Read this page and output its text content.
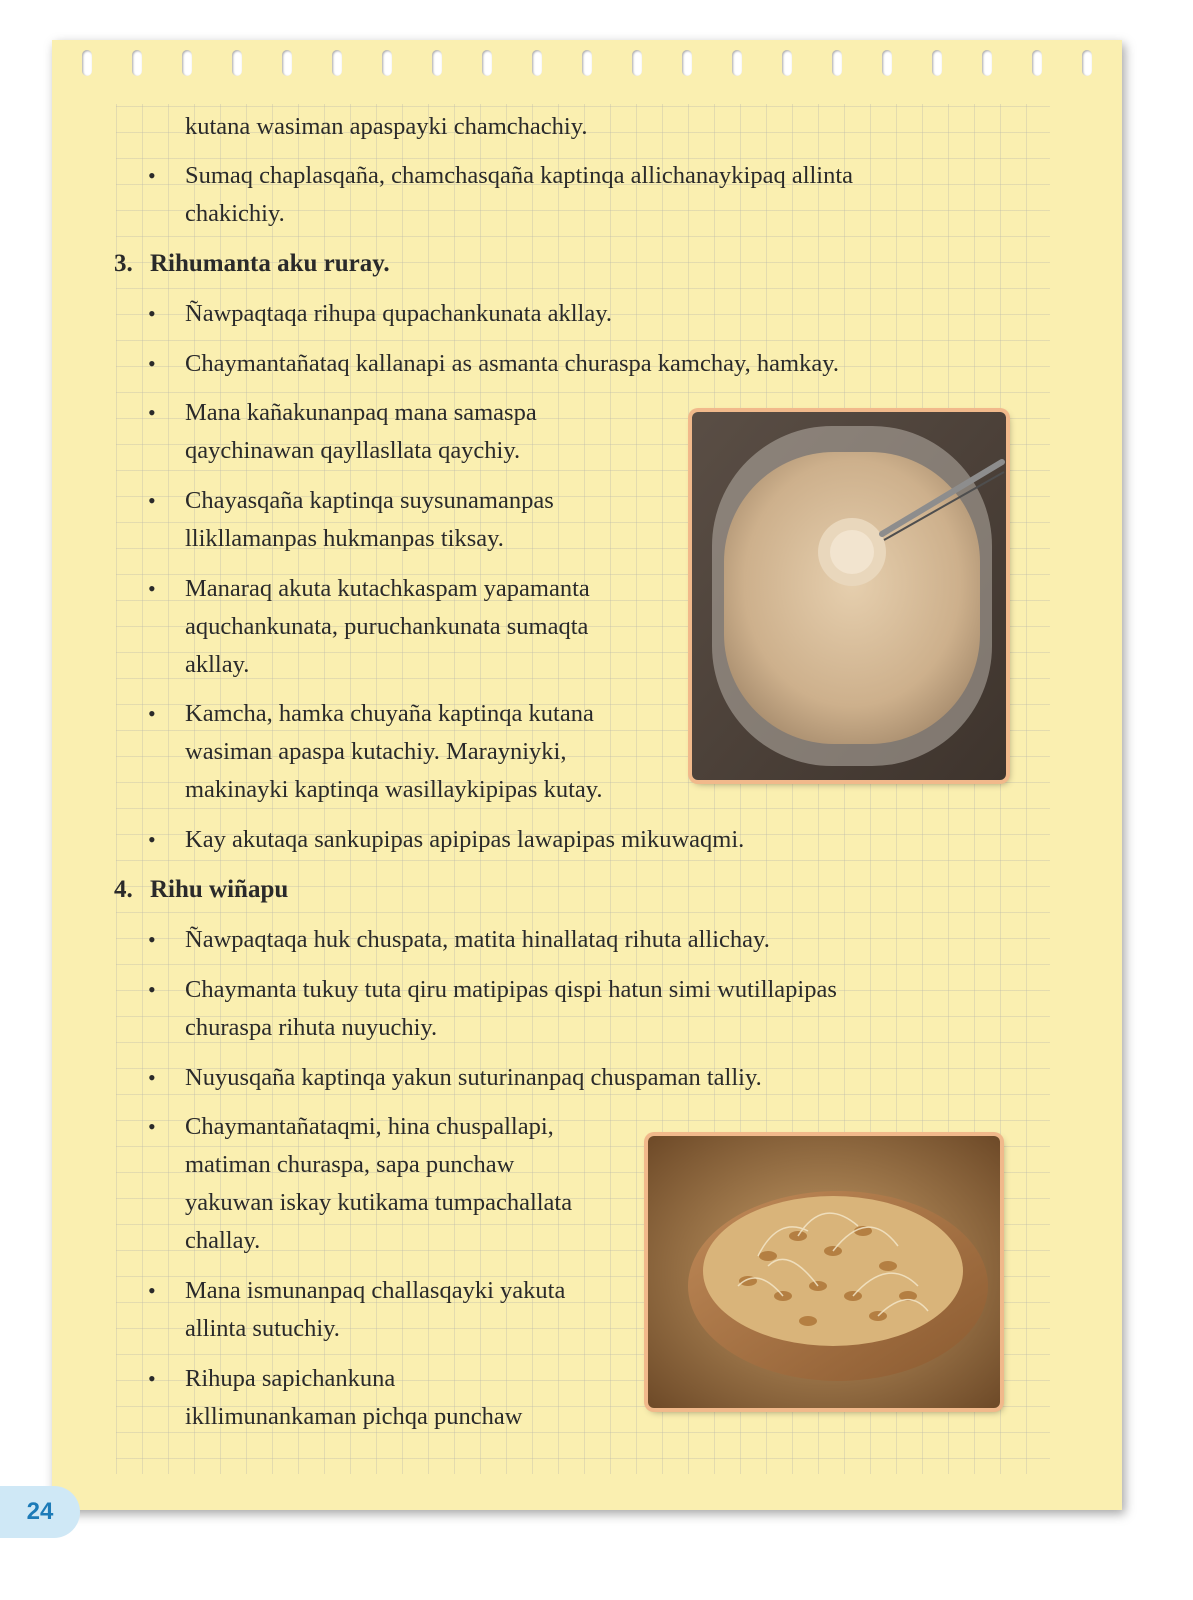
kutana wasiman apaspayki chamchachiy.
• Sumaq chaplasqaña, chamchasqaña kaptinqa allichanaykipaq allinta
chakichiy.
3. Rihumanta aku ruray.
• Ñawpaqtaqa rihupa qupachankunata akllay.
• Chaymantañataq kallanapi as asmanta churaspa kamchay, hamkay.
• Mana kañakunanpaq mana samaspa
qaychinawan qayllasllata qaychiy.
• Chayasqaña kaptinqa suysunamanpas
llikllamanpas hukmanpas tiksay.
• Manaraq akuta kutachkaspam yapamanta
aquchankunata, puruchankunata sumaqta
akllay.
• Kamcha, hamka chuyaña kaptinqa kutana
wasiman apaspa kutachiy. Marayniyki,
makinayki kaptinqa wasillaykipipas kutay.
• Kay akutaqa sankupipas apipipas lawapipas mikuwaqmi.
4. Rihu wiñapu
• Ñawpaqtaqa huk chuspata, matita hinallataq rihuta allichay.
• Chaymanta tukuy tuta qiru matipipas qispi hatun simi wutillapipas
churaspa rihuta nuyuchiy.
• Nuyusqaña kaptinqa yakun suturinanpaq chuspaman talliy.
• Chaymantañataqmi, hina chuspallapi,
matiman churaspa, sapa punchaw
yakuwan iskay kutikama tumpachallata
challay.
• Mana ismunanpaq challasqayki yakuta
allinta sutuchiy.
• Rihupa sapichankuna
ikllimunankaman pichqa punchaw
24
